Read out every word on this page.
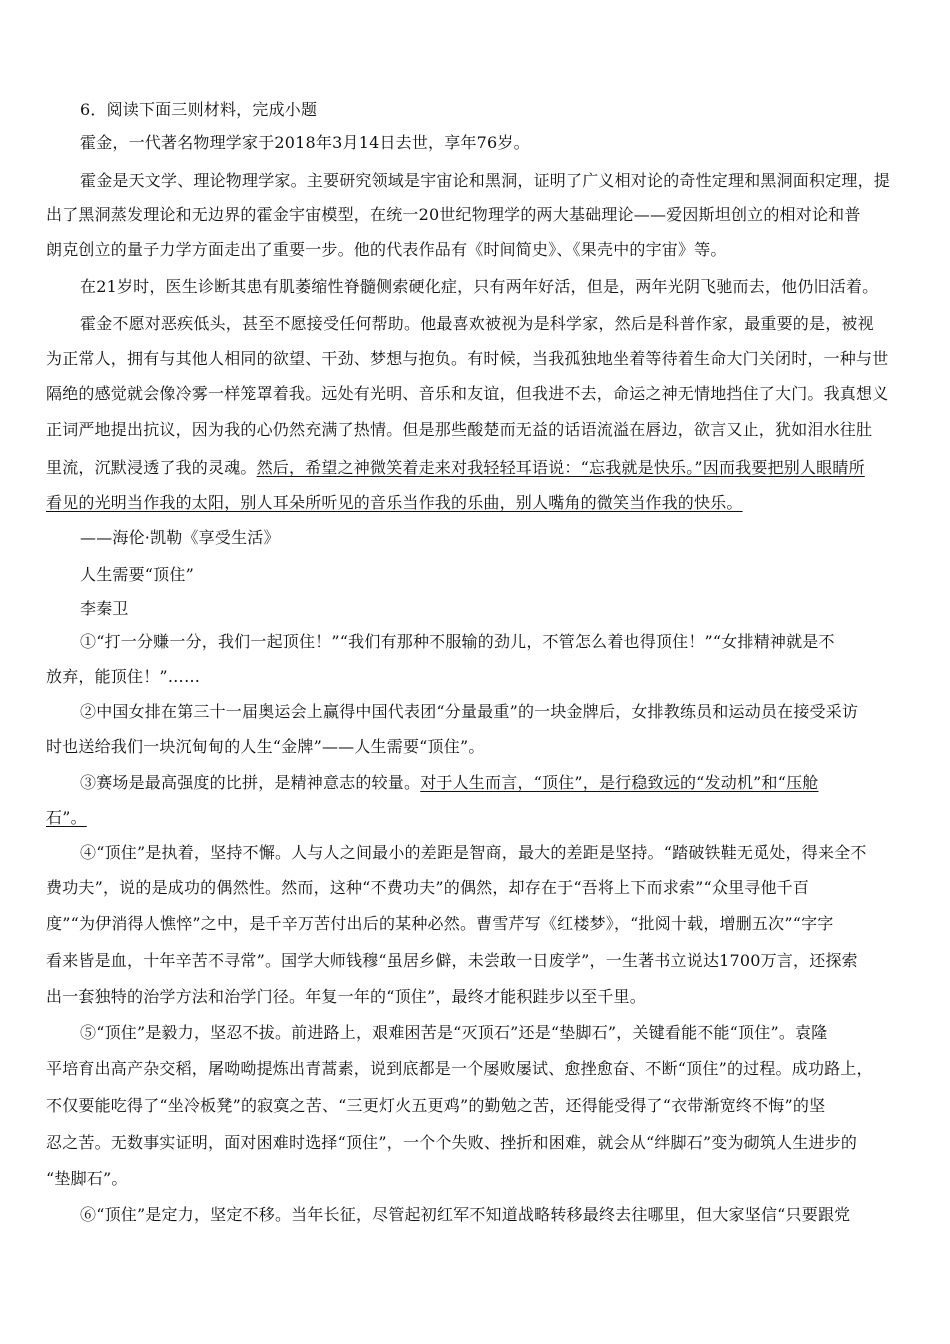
6．阅读下面三则材料，完成小题
霍金，一代著名物理学家于2018年3月14日去世，享年76岁。
霍金是天文学、理论物理学家。主要研究领域是宇宙论和黑洞，证明了广义相对论的奇性定理和黑洞面积定理，提
出了黑洞蒸发理论和无边界的霍金宇宙模型，在统一20世纪物理学的两大基础理论——爱因斯坦创立的相对论和普
朗克创立的量子力学方面走出了重要一步。他的代表作品有《时间简史》、《果壳中的宇宙》等。
在21岁时，医生诊断其患有肌萎缩性脊髓侧索硬化症，只有两年好活，但是，两年光阴飞驰而去，他仍旧活着。
霍金不愿对恶疾低头，甚至不愿接受任何帮助。他最喜欢被视为是科学家，然后是科普作家，最重要的是，被视
为正常人，拥有与其他人相同的欲望、干劲、梦想与抱负。有时候，当我孤独地坐着等待着生命大门关闭时，一种与世
隔绝的感觉就会像冷雾一样笼罩着我。远处有光明、音乐和友谊，但我进不去，命运之神无情地挡住了大门。我真想义
正词严地提出抗议，因为我的心仍然充满了热情。但是那些酸楚而无益的话语流溢在唇边，欲言又止，犹如泪水往肚
里流，沉默浸透了我的灵魂。然后，希望之神微笑着走来对我轻轻耳语说：“忘我就是快乐。”因而我要把别人眼睛所
看见的光明当作我的太阳，别人耳朵所听见的音乐当作我的乐曲，别人嘴角的微笑当作我的快乐。
——海伦·凯勒《享受生活》
人生需要“顶住”
李秦卫
①“打一分赚一分，我们一起顶住！”“我们有那种不服输的劲儿，不管怎么着也得顶住！”“女排精神就是不
放弃，能顶住！”……
②中国女排在第三十一届奥运会上赢得中国代表团“分量最重”的一块金牌后，女排教练员和运动员在接受采访
时也送给我们一块沉甸甸的人生“金牌”——人生需要“顶住”。
③赛场是最高强度的比拼，是精神意志的较量。对于人生而言，“顶住”，是行稳致远的“发动机”和“压舱
石”。
④“顶住”是执着，坚持不懈。人与人之间最小的差距是智商，最大的差距是坚持。“踏破铁鞋无觅处，得来全不
费功夫”，说的是成功的偶然性。然而，这种“不费功夫”的偶然，却存在于“吾将上下而求索”“众里寻他千百
度”“为伊消得人憔悴”之中，是千辛万苦付出后的某种必然。曹雪芹写《红楼梦》，“批阅十载，增删五次”“字字
看来皆是血，十年辛苦不寻常”。国学大师钱穆“虽居乡僻，未尝敢一日废学”，一生著书立说达1700万言，还探索
出一套独特的治学方法和治学门径。年复一年的“顶住”，最终才能积跬步以至千里。
⑤“顶住”是毅力，坚忍不拔。前进路上，艰难困苦是“灭顶石”还是“垫脚石”，关键看能不能“顶住”。袁隆
平培育出高产杂交稻，屠呦呦提炼出青蒿素，说到底都是一个屡败屡试、愈挫愈奋、不断“顶住”的过程。成功路上，
不仅要能吃得了“坐冷板凳”的寂寞之苦、“三更灯火五更鸡”的勤勉之苦，还得能受得了“衣带渐宽终不悔”的坚
忍之苦。无数事实证明，面对困难时选择“顶住”，一个个失败、挫折和困难，就会从“绊脚石”变为砌筑人生进步的
“垫脚石”。
⑥“顶住”是定力，坚定不移。当年长征，尽管起初红军不知道战略转移最终去往哪里，但大家坚信“只要跟党
